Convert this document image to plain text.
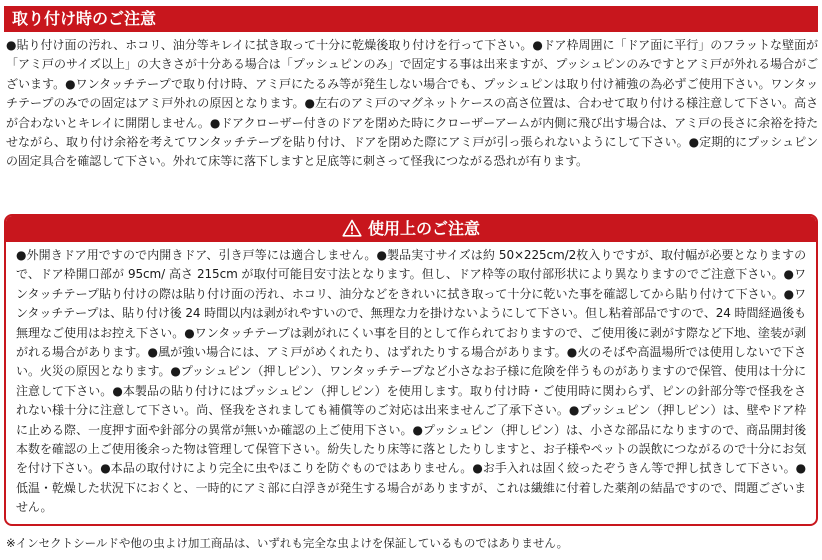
取り付け時のご注意
●貼り付け面の汚れ、ホコリ、油分等キレイに拭き取って十分に乾燥後取り付けを行って下さい。●ドア枠周囲に「ドア面に平行」のフラットな壁面が「アミ戸のサイズ以上」の大きさが十分ある場合は「プッシュピンのみ」で固定する事は出来ますが、プッシュピンのみですとアミ戸が外れる場合がございます。●ワンタッチテープで取り付け時、アミ戸にたるみ等が発生しない場合でも、プッシュピンは取り付け補強の為必ずご使用下さい。ワンタッチテープのみでの固定はアミ戸外れの原因となります。●左右のアミ戸のマグネットケースの高さ位置は、合わせて取り付ける様注意して下さい。高さが合わないとキレイに開閉しません。●ドアクローザー付きのドアを閉めた時にクローザーアームが内側に飛び出す場合は、アミ戸の長さに余裕を持たせながら、取り付け余裕を考えてワンタッチテープを貼り付け、ドアを閉めた際にアミ戸が引っ張られないようにして下さい。●定期的にプッシュピンの固定具合を確認して下さい。外れて床等に落下しますと足底等に刺さって怪我につながる恐れが有ります。
使用上のご注意
●外開きドア用ですので内開きドア、引き戸等には適合しません。●製品実寸サイズは約 50×225cm/2枚入りですが、取付幅が必要となりますので、ドア枠開口部が 95cm/ 高さ 215cm が取付可能目安寸法となります。但し、ドア枠等の取付部形状により異なりますのでご注意下さい。●ワンタッチテープ貼り付けの際は貼り付け面の汚れ、ホコリ、油分などをきれいに拭き取って十分に乾いた事を確認してから貼り付けて下さい。●ワンタッチテープは、貼り付け後 24 時間以内は剥がれやすいので、無理な力を掛けないようにして下さい。但し粘着部品ですので、24 時間経過後も無理なご使用はお控え下さい。●ワンタッチテープは剥がれにくい事を目的として作られておりますので、ご使用後に剥がす際など下地、塗装が剥がれる場合があります。●風が強い場合には、アミ戸がめくれたり、はずれたりする場合があります。●火のそばや高温場所では使用しないで下さい。火災の原因となります。●プッシュピン（押しピン）、ワンタッチテープなど小さなお子様に危険を伴うものがありますので保管、使用は十分に注意して下さい。●本製品の貼り付けにはプッシュピン（押しピン）を使用します。取り付け時・ご使用時に関わらず、ピンの針部分等で怪我をされない様十分に注意して下さい。尚、怪我をされましても補償等のご対応は出来ませんご了承下さい。●プッシュピン（押しピン）は、壁やドア枠に止める際、一度押す面や針部分の異常が無いか確認の上ご使用下さい。●プッシュピン（押しピン）は、小さな部品になりますので、商品開封後本数を確認の上ご使用後余った物は管理して保管下さい。紛失したり床等に落としたりしますと、お子様やペットの誤飲につながるので十分にお気を付け下さい。●本品の取付けにより完全に虫やほこりを防ぐものではありません。●お手入れは固く絞ったぞうきん等で押し拭きして下さい。●低温・乾燥した状況下におくと、一時的にアミ部に白浮きが発生する場合がありますが、これは繊維に付着した薬剤の結晶ですので、問題ございません。
※インセクトシールドや他の虫よけ加工商品は、いずれも完全な虫よけを保証しているものではありません。
